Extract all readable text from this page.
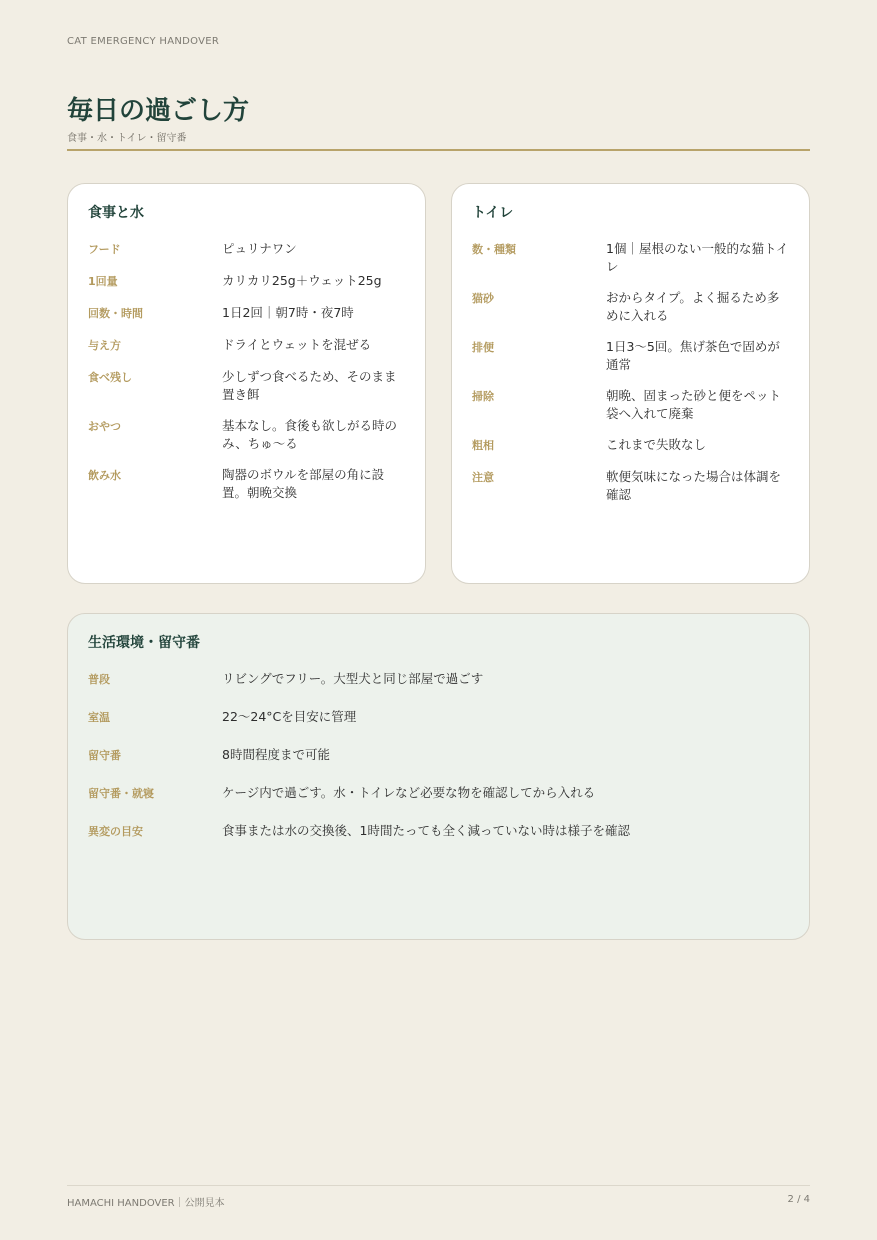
CAT EMERGENCY HANDOVER
毎日の過ごし方
食事・水・トイレ・留守番
食事と水
フード	ピュリナワン
1回量	カリカリ25g＋ウェット25g
回数・時間	1日2回｜朝7時・夜7時
与え方	ドライとウェットを混ぜる
食べ残し	少しずつ食べるため、そのまま置き餌
おやつ	基本なし。食後も欲しがる時のみ、ちゅ〜る
飲み水	陶器のボウルを部屋の角に設置。朝晩交換
トイレ
数・種類	1個｜屋根のない一般的な猫トイレ
猫砂	おからタイプ。よく掘るため多めに入れる
排便	1日3〜5回。焦げ茶色で固めが通常
掃除	朝晩、固まった砂と便をペット袋へ入れて廃棄
粗相	これまで失敗なし
注意	軟便気味になった場合は体調を確認
生活環境・留守番
普段	リビングでフリー。大型犬と同じ部屋で過ごす
室温	22〜24°Cを目安に管理
留守番	8時間程度まで可能
留守番・就寝	ケージ内で過ごす。水・トイレなど必要な物を確認してから入れる
異変の目安	食事または水の交換後、1時間たっても全く減っていない時は様子を確認
HAMACHI HANDOVER｜公開見本	2 / 4
